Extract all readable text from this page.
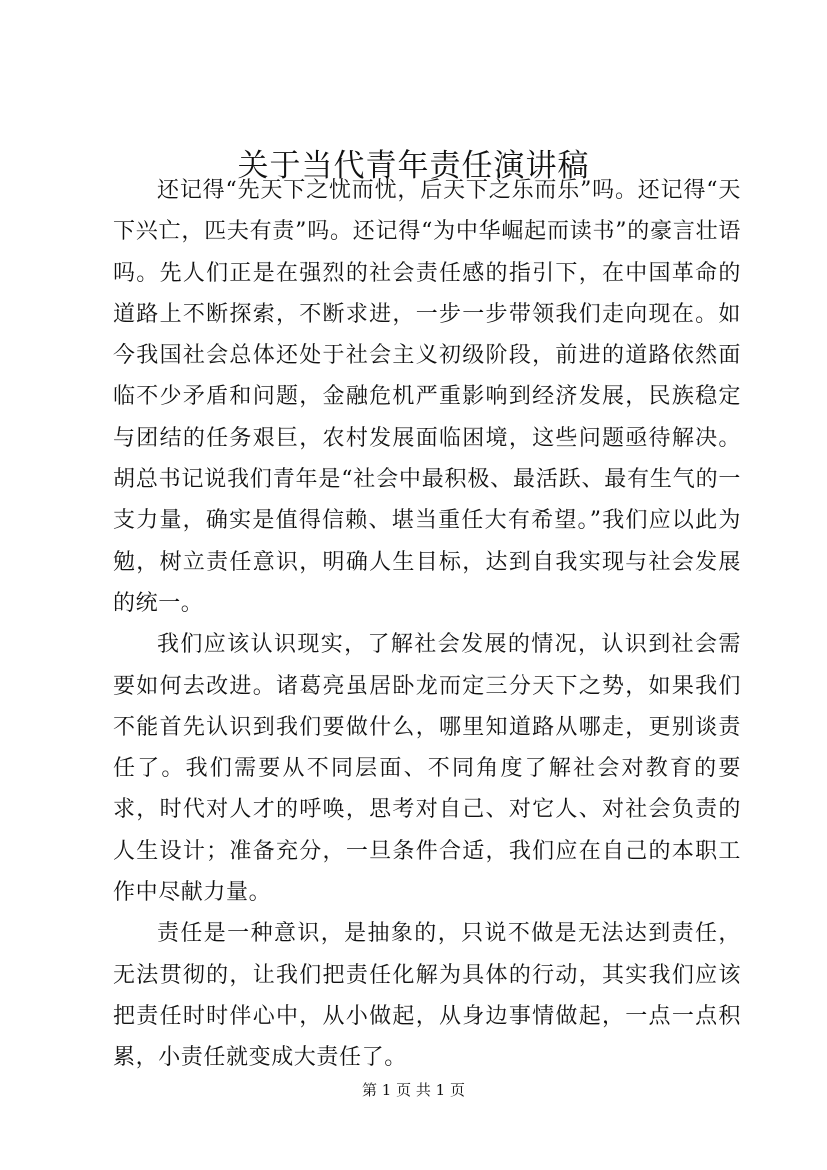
关于当代青年责任演讲稿

还记得“先天下之忧而忧，后天下之乐而乐”吗。还记得“天下兴亡，匹夫有责”吗。还记得“为中华崛起而读书”的豪言壮语吗。先人们正是在强烈的社会责任感的指引下，在中国革命的道路上不断探索，不断求进，一步一步带领我们走向现在。如今我国社会总体还处于社会主义初级阶段，前进的道路依然面临不少矛盾和问题，金融危机严重影响到经济发展，民族稳定与团结的任务艰巨，农村发展面临困境，这些问题亟待解决。胡总书记说我们青年是“社会中最积极、最活跃、最有生气的一支力量，确实是值得信赖、堪当重任大有希望。”我们应以此为勉，树立责任意识，明确人生目标，达到自我实现与社会发展的统一。

我们应该认识现实，了解社会发展的情况，认识到社会需要如何去改进。诸葛亮虽居卧龙而定三分天下之势，如果我们不能首先认识到我们要做什么，哪里知道路从哪走，更别谈责任了。我们需要从不同层面、不同角度了解社会对教育的要求，时代对人才的呼唤，思考对自己、对它人、对社会负责的人生设计；准备充分，一旦条件合适，我们应在自己的本职工作中尽献力量。

责任是一种意识，是抽象的，只说不做是无法达到责任，无法贯彻的，让我们把责任化解为具体的行动，其实我们应该把责任时时伴心中，从小做起，从身边事情做起，一点一点积累，小责任就变成大责任了。

第 1 页 共 1 页
